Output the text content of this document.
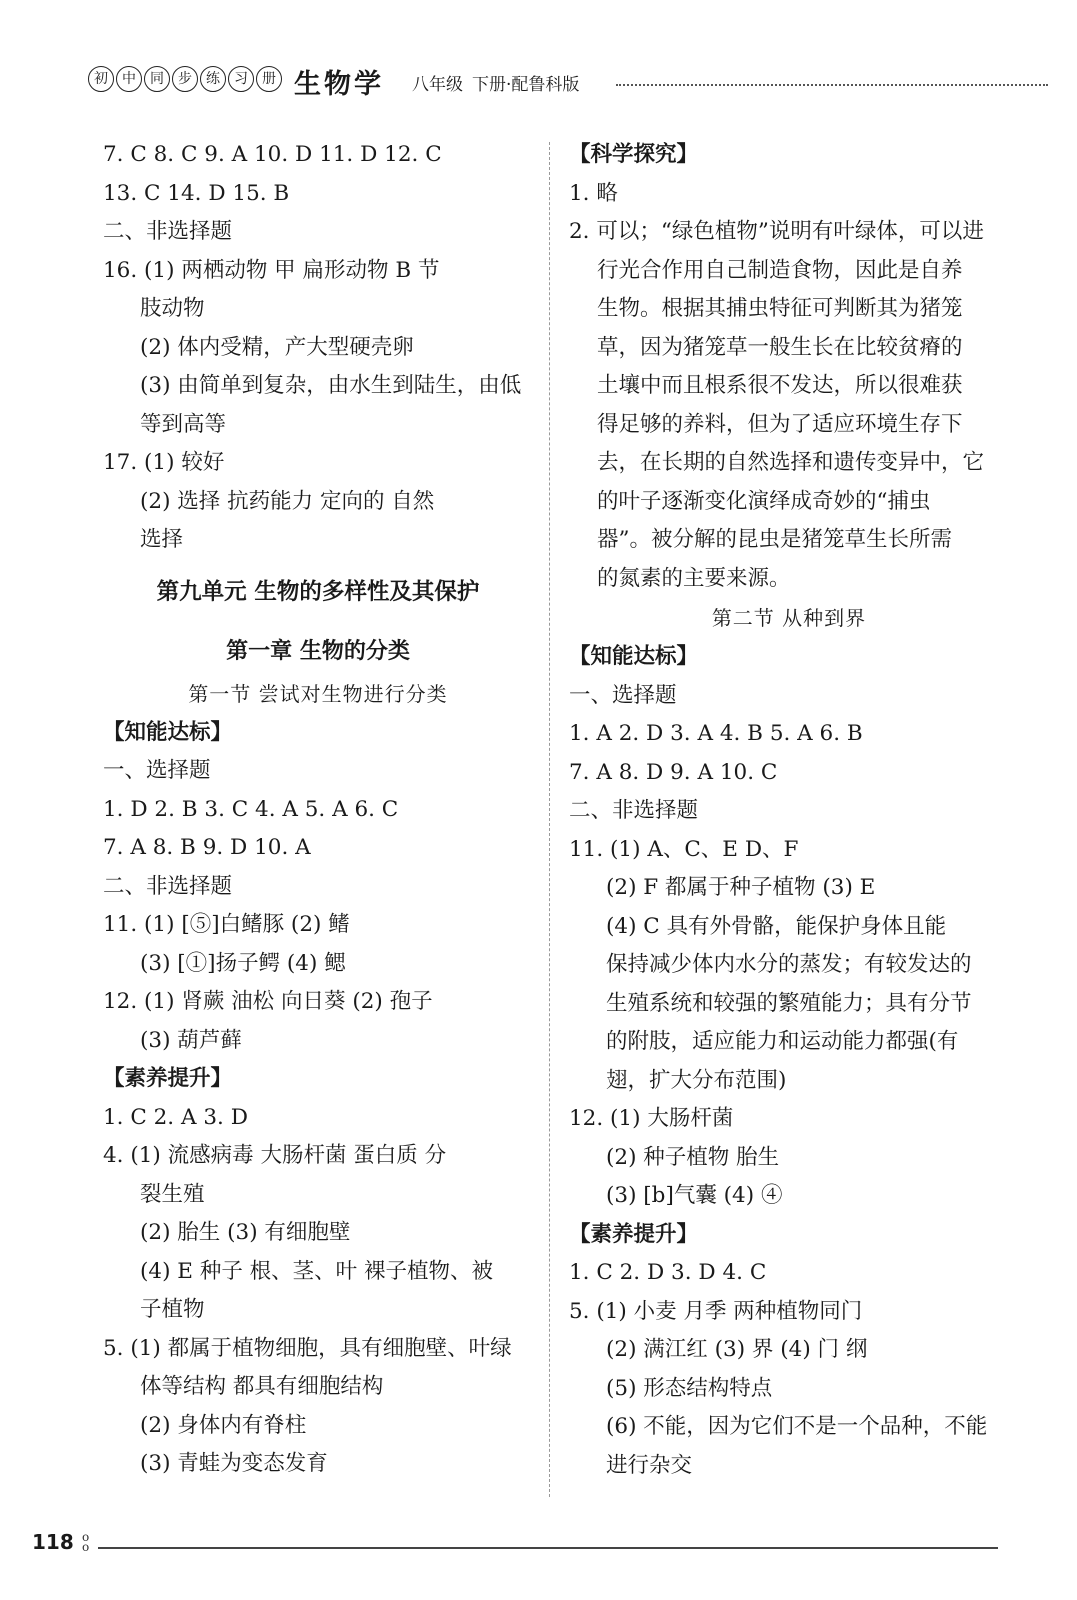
初	中	同	步	练	习	册 生物学 八年级 下册·配鲁科版

7. C 8. C 9. A 10. D 11. D 12. C

13. C 14. D 15. B

二、非选择题

16. (1) 两栖动物 甲 扁形动物 B 节

肢动物

(2) 体内受精，产大型硬壳卵

(3) 由简单到复杂，由水生到陆生，由低

等到高等

17. (1) 较好

(2) 选择 抗药能力 定向的 自然

选择

第九单元 生物的多样性及其保护

第一章 生物的分类

第一节 尝试对生物进行分类

【知能达标】

一、选择题

1. D 2. B 3. C 4. A 5. A 6. C

7. A 8. B 9. D 10. A

二、非选择题

11. (1) [⑤]白鳍豚 (2) 鳍

(3) [①]扬子鳄 (4) 鳃

12. (1) 肾蕨 油松 向日葵 (2) 孢子

(3) 葫芦藓

【素养提升】

1. C 2. A 3. D

4. (1) 流感病毒 大肠杆菌 蛋白质 分

裂生殖

(2) 胎生 (3) 有细胞壁

(4) E 种子 根、茎、叶 裸子植物、被

子植物

5. (1) 都属于植物细胞，具有细胞壁、叶绿

体等结构 都具有细胞结构

(2) 身体内有脊柱

(3) 青蛙为变态发育

【科学探究】

1. 略

2. 可以；“绿色植物”说明有叶绿体，可以进

行光合作用自己制造食物，因此是自养

生物。根据其捕虫特征可判断其为猪笼

草，因为猪笼草一般生长在比较贫瘠的

土壤中而且根系很不发达，所以很难获

得足够的养料，但为了适应环境生存下

去，在长期的自然选择和遗传变异中，它

的叶子逐渐变化演绎成奇妙的“捕虫

器”。被分解的昆虫是猪笼草生长所需

的氮素的主要来源。

第二节 从种到界

【知能达标】

一、选择题

1. A 2. D 3. A 4. B 5. A 6. B

7. A 8. D 9. A 10. C

二、非选择题

11. (1) A、C、E D、F

(2) F 都属于种子植物 (3) E

(4) C 具有外骨骼，能保护身体且能

保持减少体内水分的蒸发；有较发达的

生殖系统和较强的繁殖能力；具有分节

的附肢，适应能力和运动能力都强(有

翅，扩大分布范围)

12. (1) 大肠杆菌

(2) 种子植物 胎生

(3) [b]气囊 (4) ④

【素养提升】

1. C 2. D 3. D 4. C

5. (1) 小麦 月季 两种植物同门

(2) 满江红 (3) 界 (4) 门 纲

(5) 形态结构特点

(6) 不能，因为它们不是一个品种，不能

进行杂交

118 o
o
